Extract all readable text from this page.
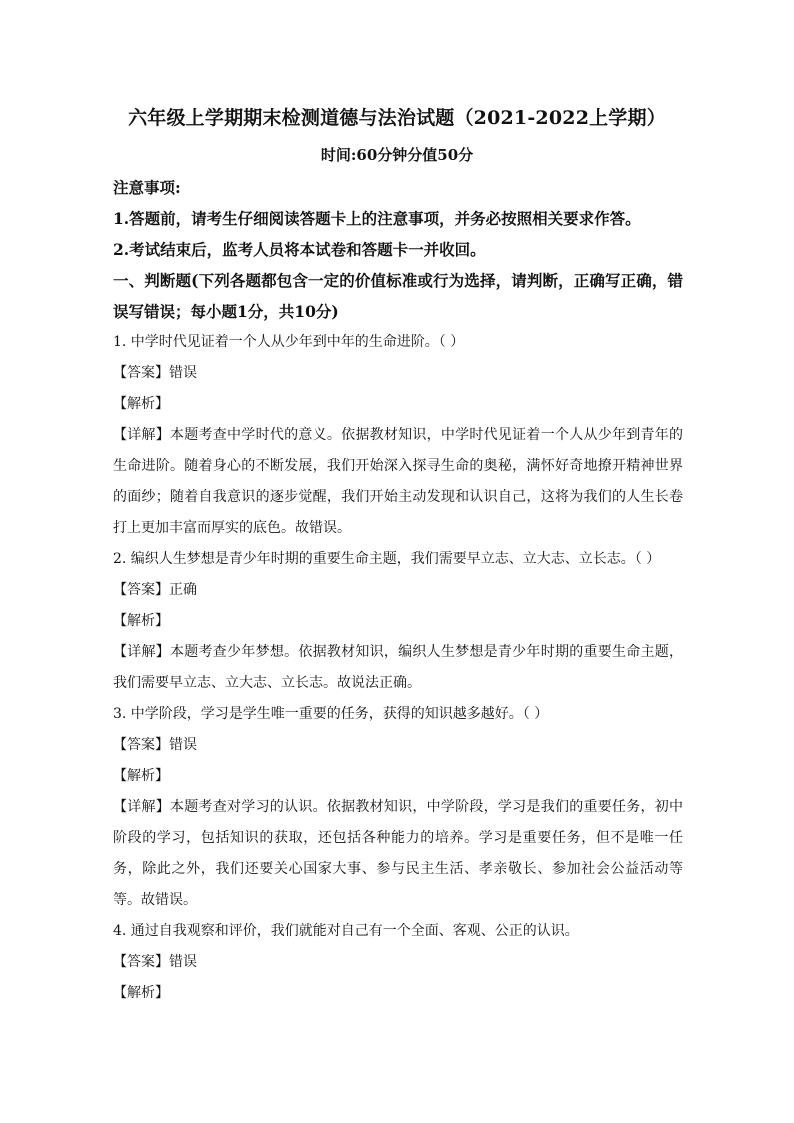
六年级上学期期末检测道德与法治试题（2021-2022上学期）
时间:60分钟分值50分

注意事项:

1.答题前，请考生仔细阅读答题卡上的注意事项，并务必按照相关要求作答。

2.考试结束后，监考人员将本试卷和答题卡一并收回。

一、判断题(下列各题都包含一定的价值标准或行为选择，请判断，正确写正确，错误写错误；每小题1分，共10分)

1. 中学时代见证着一个人从少年到中年的生命进阶。（ ）

【答案】错误

【解析】

【详解】本题考查中学时代的意义。依据教材知识，中学时代见证着一个人从少年到青年的生命进阶。随着身心的不断发展，我们开始深入探寻生命的奥秘，满怀好奇地撩开精神世界的面纱；随着自我意识的逐步觉醒，我们开始主动发现和认识自己，这将为我们的人生长卷打上更加丰富而厚实的底色。故错误。

2. 编织人生梦想是青少年时期的重要生命主题，我们需要早立志、立大志、立长志。（ ）

【答案】正确

【解析】

【详解】本题考查少年梦想。依据教材知识，编织人生梦想是青少年时期的重要生命主题，我们需要早立志、立大志、立长志。故说法正确。

3. 中学阶段，学习是学生唯一重要的任务，获得的知识越多越好。（ ）

【答案】错误

【解析】

【详解】本题考查对学习的认识。依据教材知识，中学阶段，学习是我们的重要任务，初中阶段的学习，包括知识的获取，还包括各种能力的培养。学习是重要任务，但不是唯一任务，除此之外，我们还要关心国家大事、参与民主生活、孝亲敬长、参加社会公益活动等等。故错误。

4. 通过自我观察和评价，我们就能对自己有一个全面、客观、公正的认识。

【答案】错误

【解析】
